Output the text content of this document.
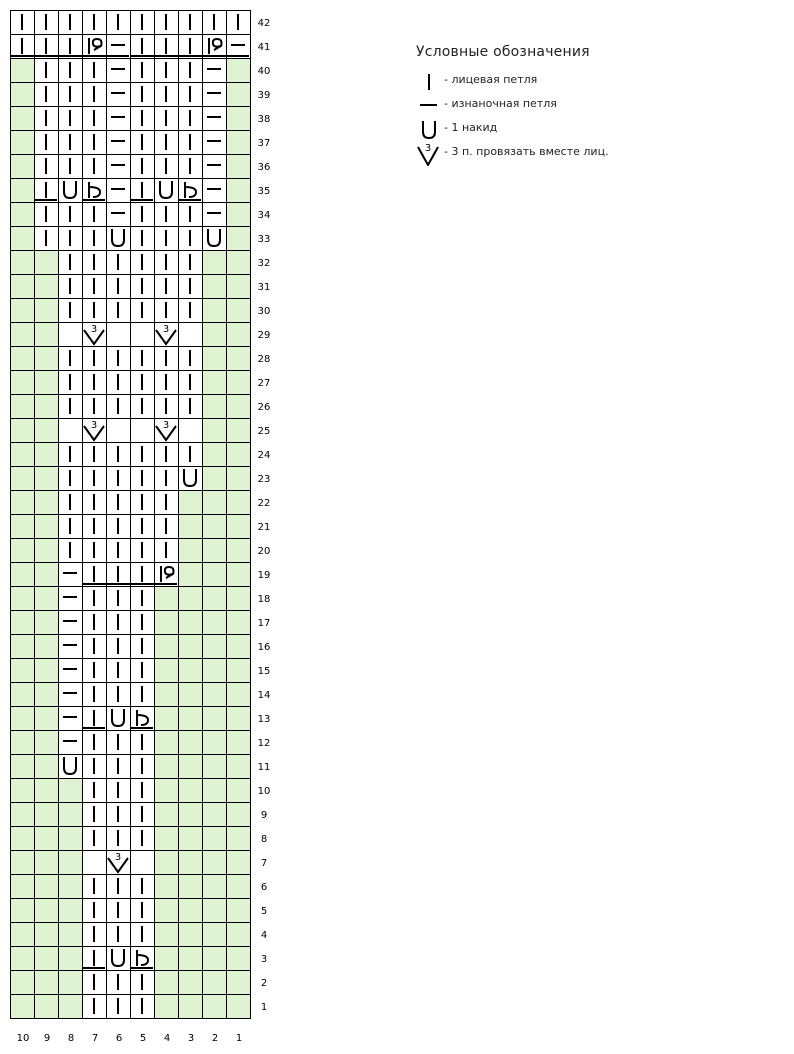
42
41
40
39
38
37
36
35
34
33
32
31
30
3	3
29
28
27
26
3	3
25
24
23
22
21
20
19
18
17
16
15
14
13
12
11
10
9
8
3
7
6
5
4
3
2
1
10 9 8 7 6 5 4 3 2 1
Условные обозначения
- лицевая петля
- изнаночная петля
- 1 накид
3 - 3 п. провязать вместе лиц.
